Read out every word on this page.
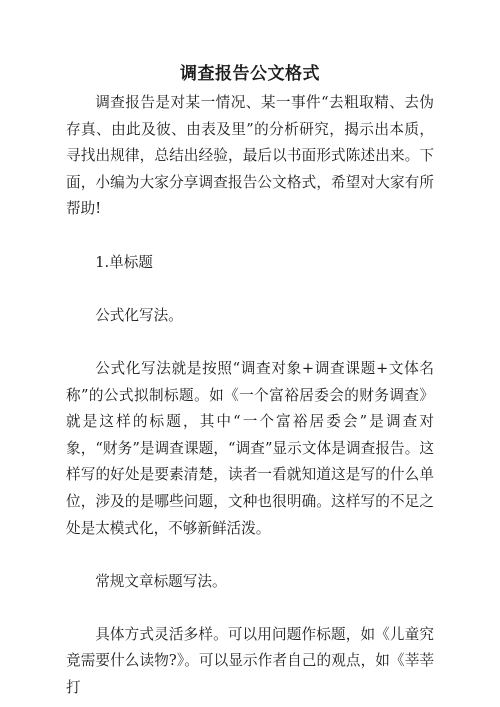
调查报告公文格式

调查报告是对某一情况、某一事件“去粗取精、去伪存真、由此及彼、由表及里”的分析研究，揭示出本质，寻找出规律，总结出经验，最后以书面形式陈述出来。下面，小编为大家分享调查报告公文格式，希望对大家有所帮助!

1.单标题

公式化写法。

公式化写法就是按照“调查对象+调查课题+文体名称”的公式拟制标题。如《一个富裕居委会的财务调查》就是这样的标题，其中“一个富裕居委会”是调查对象，“财务”是调查课题，“调查”显示文体是调查报告。这样写的好处是要素清楚，读者一看就知道这是写的什么单位，涉及的是哪些问题，文种也很明确。这样写的不足之处是太模式化，不够新鲜活泼。

常规文章标题写法。

具体方式灵活多样。可以用问题作标题，如《儿童究竟需要什么读物?》。可以显示作者自己的观点，如《莘莘打
